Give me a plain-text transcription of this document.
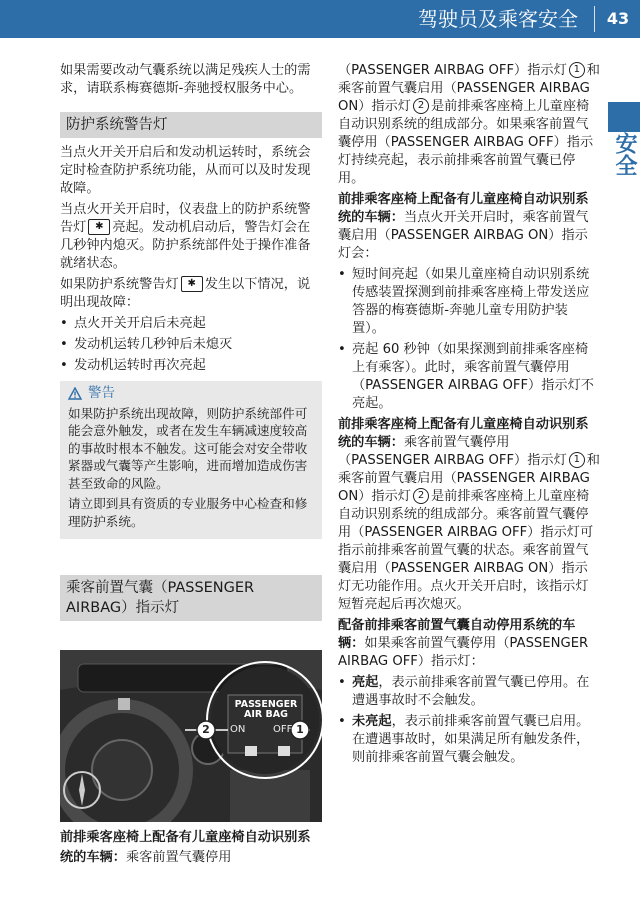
驾驶员及乘客安全	43
安全

如果需要改动气囊系统以满足残疾人士的需求，请联系梅赛德斯-奔驰授权服务中心。

防护系统警告灯

当点火开关开启后和发动机运转时，系统会定时检查防护系统功能，从而可以及时发现故障。

当点火开关开启时，仪表盘上的防护系统警告灯 ✱ 亮起。发动机启动后，警告灯会在几秒钟内熄灭。防护系统部件处于操作准备就绪状态。

如果防护系统警告灯 ✱ 发生以下情况，说明出现故障：

• 点火开关开启后未亮起
• 发动机运转几秒钟后未熄灭
• 发动机运转时再次亮起
警告

如果防护系统出现故障，则防护系统部件可能会意外触发，或者在发生车辆减速度较高的事故时根本不触发。这可能会对安全带收紧器或气囊等产生影响，进而增加造成伤害甚至致命的风险。

请立即到具有资质的专业服务中心检查和修理防护系统。

乘客前置气囊（PASSENGER AIRBAG）指示灯
PASSENGER
AIR BAG
ON	OFF
2	1
前排乘客座椅上配备有儿童座椅自动识别系统的车辆：乘客前置气囊停用

（PASSENGER AIRBAG OFF）指示灯 1 和乘客前置气囊启用（PASSENGER AIRBAG ON）指示灯 2 是前排乘客座椅上儿童座椅自动识别系统的组成部分。如果乘客前置气囊停用（PASSENGER AIRBAG OFF）指示灯持续亮起，表示前排乘客前置气囊已停用。

前排乘客座椅上配备有儿童座椅自动识别系统的车辆：当点火开关开启时，乘客前置气囊启用（PASSENGER AIRBAG ON）指示灯会：

• 短时间亮起（如果儿童座椅自动识别系统传感装置探测到前排乘客座椅上带发送应答器的梅赛德斯-奔驰儿童专用防护装置）。
• 亮起 60 秒钟（如果探测到前排乘客座椅上有乘客）。此时，乘客前置气囊停用（PASSENGER AIRBAG OFF）指示灯不亮起。

前排乘客座椅上配备有儿童座椅自动识别系统的车辆：乘客前置气囊停用（PASSENGER AIRBAG OFF）指示灯 1 和乘客前置气囊启用（PASSENGER AIRBAG ON）指示灯 2 是前排乘客座椅上儿童座椅自动识别系统的组成部分。乘客前置气囊停用（PASSENGER AIRBAG OFF）指示灯可指示前排乘客前置气囊的状态。乘客前置气囊启用（PASSENGER AIRBAG ON）指示灯无功能作用。点火开关开启时，该指示灯短暂亮起后再次熄灭。

配备前排乘客前置气囊自动停用系统的车辆：如果乘客前置气囊停用（PASSENGER AIRBAG OFF）指示灯：

• 亮起，表示前排乘客前置气囊已停用。在遭遇事故时不会触发。
• 未亮起，表示前排乘客前置气囊已启用。在遭遇事故时，如果满足所有触发条件，则前排乘客前置气囊会触发。
